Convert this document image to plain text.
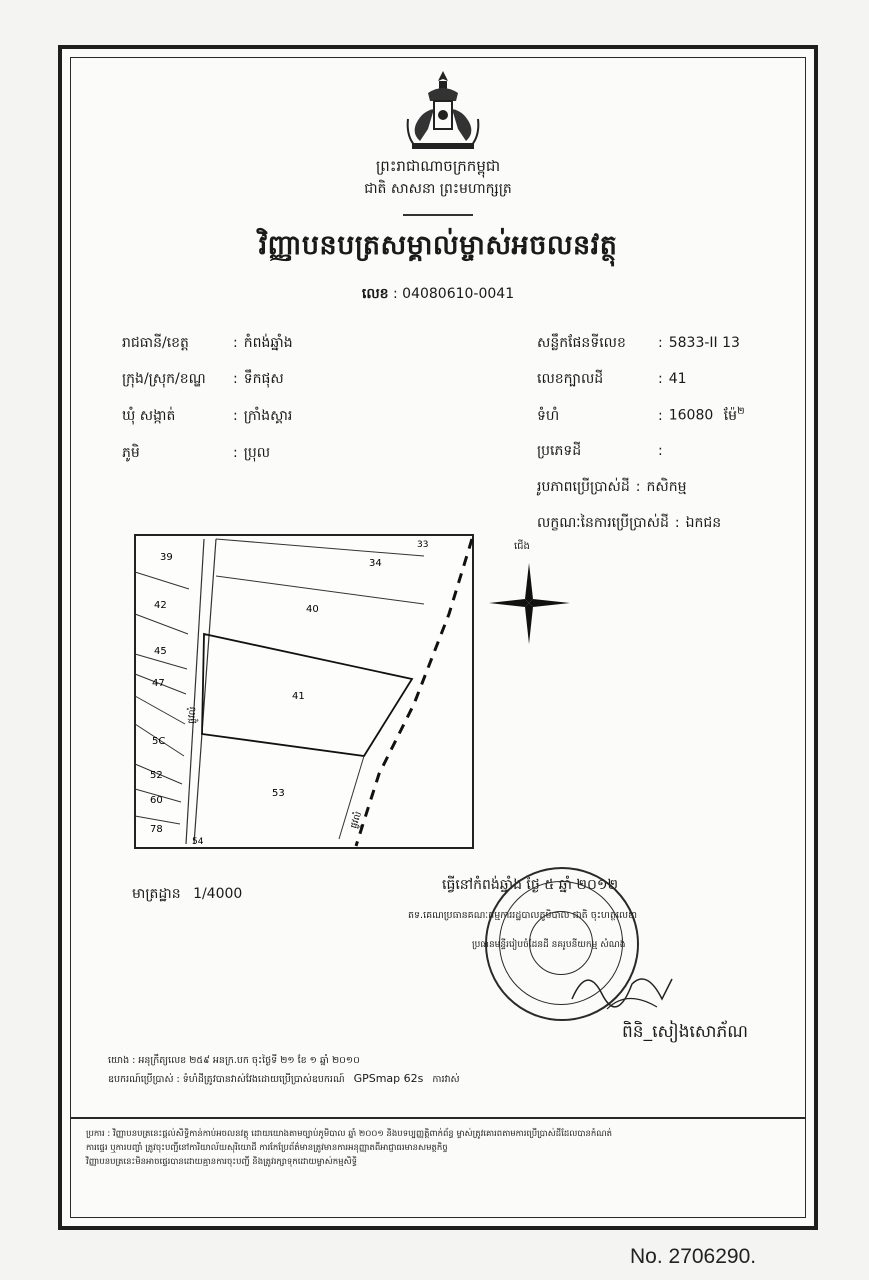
ព្រះរាជាណាចក្រកម្ពុជា
ជាតិ សាសនា ព្រះមហាក្សត្រ
វិញ្ញាបនបត្រសម្គាល់ម្ចាស់អចលនវត្ថុ
លេខ : 04080610-0041
រាជធានី/ខេត្ត	: កំពង់ឆ្នាំង
ក្រុង/ស្រុក/ខណ្ឌ : ទឹកផុស
ឃុំ សង្កាត់	: ក្រាំងស្គារ
ភូមិ	: ប្រុល
សន្លឹកផែនទីលេខ : 5833-II 13
លេខក្បាលដី	: 41
ទំហំ	: 16080 ម៉ែ$^២$
ប្រភេទដី	:
រូបភាពប្រើប្រាស់ដី : កសិកម្ម
លក្ខណៈនៃការប្រើប្រាស់ដី : ឯកជន
39
34
33
42	40
45
47
41
5C
52
53
60
78
54
ផ្លូវលំ
ផ្លូវលំ
ជើង
មាត្រដ្ឋាន 1/4000
ធ្វើនៅកំពង់ឆ្នាំង ថ្ងៃ ៥ ឆ្នាំ ២០១២
តទ.គេណប្រធានគណៈកម្មការរដ្ឋបាលភូមិបាល ជាតិ ចុះហត្ថលេខា
ប្រធានមន្ទីររៀបចំដែនដី នគរូបនីយកម្ម សំណង់
ពិនិ_សៀងសោភ័ណ
យោង : អនុក្រឹត្យលេខ ២៥៩ អនក្រ.បក ចុះថ្ងៃទី ២១ ខែ ១ ឆ្នាំ ២០១០
ឧបករណ៍ប្រើប្រាស់ : ទំហំដីត្រូវបានវាស់វែងដោយប្រើប្រាស់ឧបករណ៍ GPSmap 62s ការវាស់
ប្រការ : វិញ្ញាបនបត្រនេះផ្តល់សិទ្ធិកាន់កាប់អចលនវត្ថុ ដោយយោងតាមច្បាប់ភូមិបាល ឆ្នាំ ២០០១ និងបទប្បញ្ញត្តិពាក់ព័ន្ធ ម្ចាស់ត្រូវគោរពតាមការប្រើប្រាស់ដីដែលបានកំណត់
ការផ្ទេរ ឬការបញ្ចាំ ត្រូវចុះបញ្ជីនៅការិយាល័យសុរិយោដី ការកែប្រែព័ត៌មានត្រូវមានការអនុញ្ញាតពីអាជ្ញាធរមានសមត្ថកិច្ច
វិញ្ញាបនបត្រនេះមិនអាចផ្ទេរបានដោយគ្មានការចុះបញ្ជី និងត្រូវរក្សាទុកដោយម្ចាស់កម្មសិទ្ធិ
No. 2706290.
